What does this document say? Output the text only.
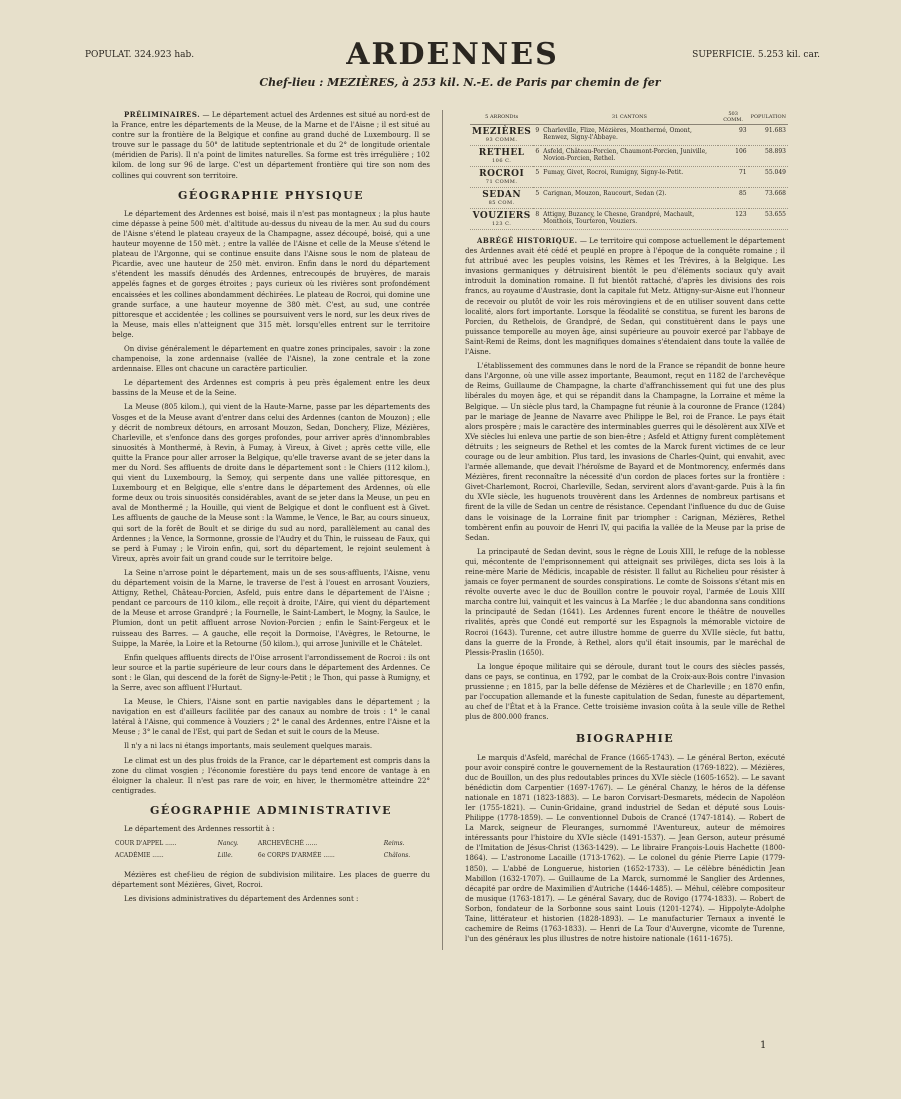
POPULAT. 324.923 hab.	ARDENNES	SUPERFICIE. 5.253 kil. car.
Chef-lieu : MEZIÈRES, à 253 kil. N.-E. de Paris par chemin de fer

PRÉLIMINAIRES. — Le département actuel des Ardennes est situé au nord-est de la France, entre les départements de la Meuse, de la Marne et de l'Aisne ; il est situé au contre sur la frontière de la Belgique et confine au grand duché de Luxembourg. Il se trouve sur le passage du 50° de latitude septentrionale et du 2° de longitude orientale (méridien de Paris). Il n'a point de limites naturelles. Sa forme est très irrégulière ; 102 kilom. de long sur 96 de large. C'est un département frontière qui tire son nom des collines qui couvrent son territoire.

GÉOGRAPHIE PHYSIQUE

Le département des Ardennes est boisé, mais il n'est pas montagneux ; la plus haute cime dépasse à peine 500 mèt. d'altitude au-dessus du niveau de la mer. Au sud du cours de l'Aisne s'étend le plateau crayeux de la Champagne, assez découpé, boisé, qui a une hauteur moyenne de 150 mèt. ; entre la vallée de l'Aisne et celle de la Meuse s'étend le plateau de l'Argonne, qui se continue ensuite dans l'Aisne sous le nom de plateau de Picardie, avec une hauteur de 250 mèt. environ. Enfin dans le nord du département s'étendent les massifs dénudés des Ardennes, entrecoupés de bruyères, de marais appelés fagnes et de gorges étroites ; pays curieux où les rivières sont profondément encaissées et les collines abondamment déchirées. Le plateau de Rocroi, qui domine une grande surface, a une hauteur moyenne de 380 mèt. C'est, au sud, une contrée pittoresque et accidentée ; les collines se poursuivent vers le nord, sur les deux rives de la Meuse, mais elles n'atteignent que 315 mèt. lorsqu'elles entrent sur le territoire belge.

On divise généralement le département en quatre zones principales, savoir : la zone champenoise, la zone ardennaise (vallée de l'Aisne), la zone centrale et la zone ardennaise. Elles ont chacune un caractère particulier.

Le département des Ardennes est compris à peu près également entre les deux bassins de la Meuse et de la Seine.

La Meuse (805 kilom.), qui vient de la Haute-Marne, passe par les départements des Vosges et de la Meuse avant d'entrer dans celui des Ardennes (canton de Mouzon) ; elle y décrit de nombreux détours, en arrosant Mouzon, Sedan, Donchery, Flize, Mézières, Charleville, et s'enfonce dans des gorges profondes, pour arriver après d'innombrables sinuosités à Monthermé, à Revin, à Fumay, à Vireux, à Givet ; après cette ville, elle quitte la France pour aller arroser la Belgique, qu'elle traverse avant de se jeter dans la mer du Nord. Ses affluents de droite dans le département sont : le Chiers (112 kilom.), qui vient du Luxembourg, la Semoy, qui serpente dans une vallée pittoresque, en Luxembourg et en Belgique, elle s'entre dans le département des Ardennes, où elle forme deux ou trois sinuosités considérables, avant de se jeter dans la Meuse, un peu en aval de Monthermé ; la Houille, qui vient de Belgique et dont le confluent est à Givet. Les affluents de gauche de la Meuse sont : la Wamme, le Vence, le Bar, au cours sinueux, qui sort de la forêt de Boult et se dirige du sud au nord, parallèlement au canal des Ardennes ; la Vence, la Sormonne, grossie de l'Audry et du Thin, le ruisseau de Faux, qui se perd à Fumay ; le Viroin enfin, qui, sort du département, le rejoint seulement à Vireux, après avoir fait un grand coude sur le territoire belge.

La Seine n'arrose point le département, mais un de ses sous-affluents, l'Aisne, venu du département voisin de la Marne, le traverse de l'est à l'ouest en arrosant Vouziers, Attigny, Rethel, Château-Porcien, Asfeld, puis entre dans le département de l'Aisne ; pendant ce parcours de 110 kilom., elle reçoit à droite, l'Aire, qui vient du département de la Meuse et arrose Grandpré ; la Fournelle, le Saint-Lambert, le Mogny, la Saulce, le Plumion, dont un petit affluent arrose Novion-Porcien ; enfin le Saint-Fergeux et le ruisseau des Barres. — A gauche, elle reçoit la Dormoise, l'Avègres, le Retourne, le Suippe, la Marée, la Loire et la Retourne (50 kilom.), qui arrose Juniville et le Châtelet.

Enfin quelques affluents directs de l'Oise arrosent l'arrondissement de Rocroi : ils ont leur source et la partie supérieure de leur cours dans le département des Ardennes. Ce sont : le Glan, qui descend de la forêt de Signy-le-Petit ; le Thon, qui passe à Rumigny, et la Serre, avec son affluent l'Hurtaut.

La Meuse, le Chiers, l'Aisne sont en partie navigables dans le département ; la navigation en est d'ailleurs facilitée par des canaux au nombre de trois : 1° le canal latéral à l'Aisne, qui commence à Vouziers ; 2° le canal des Ardennes, entre l'Aisne et la Meuse ; 3° le canal de l'Est, qui part de Sedan et suit le cours de la Meuse.

Il n'y a ni lacs ni étangs importants, mais seulement quelques marais.

Le climat est un des plus froids de la France, car le département est compris dans la zone du climat vosgien ; l'économie forestière du pays tend encore de vantage à en éloigner la chaleur. Il n'est pas rare de voir, en hiver, le thermomètre atteindre 22° centigrades.

GÉOGRAPHIE ADMINISTRATIVE

Le département des Ardennes ressortit à :

COUR D'APPEL ......	Nancy.	ARCHEVÊCHÉ ......	Reims.
ACADÉMIE ......	Lille.	6e CORPS D'ARMÉE ......	Châlons.

Mézières est chef-lieu de région de subdivision militaire. Les places de guerre du département sont Mézières, Givet, Rocroi.

Les divisions administratives du département des Ardennes sont :

5 ARRONDts		31 CANTONS	503 COMM.	POPULATION
MEZIÈRES
93 COMM.	9	Charleville, Flize, Mézières, Monthermé, Omont, Renwez, Signy-l'Abbaye.	93	91.683
RETHEL
106 C.	6	Asfeld, Château-Porcien, Chaumont-Porcien, Juniville, Novion-Porcien, Rethel.	106	58.893
ROCROI
71 COMM.	5	Fumay, Givet, Rocroi, Rumigny, Signy-le-Petit.	71	55.049
SEDAN
85 COM.	5	Carignan, Mouzon, Raucourt, Sedan (2).	85	73.668
VOUZIERS
123 C.	8	Attigny, Buzancy, le Chesne, Grandpré, Machault, Monthois, Tourteron, Vouziers.	123	53.655

ABRÉGÉ HISTORIQUE. — Le territoire qui compose actuellement le département des Ardennes avait été cédé et peuplé en propre à l'époque de la conquête romaine ; il fut attribué avec les peuples voisins, les Rèmes et les Trévires, à la Belgique. Les invasions germaniques y détruisirent bientôt le peu d'éléments sociaux qu'y avait introduit la domination romaine. Il fut bientôt rattaché, d'après les divisions des rois francs, au royaume d'Austrasie, dont la capitale fut Metz. Attigny-sur-Aisne eut l'honneur de recevoir ou plutôt de voir les rois mérovingiens et de en utiliser souvent dans cette localité, alors fort importante. Lorsque la féodalité se constitua, se furent les barons de Porcien, du Rethelois, de Grandpré, de Sedan, qui constituèrent dans le pays une puissance temporelle au moyen âge, ainsi supérieure au pouvoir exercé par l'abbaye de Saint-Remi de Reims, dont les magnifiques domaines s'étendaient dans toute la vallée de l'Aisne.

L'établissement des communes dans le nord de la France se répandit de bonne heure dans l'Argonne, où une ville assez importante, Beaumont, reçut en 1182 de l'archevêque de Reims, Guillaume de Champagne, la charte d'affranchissement qui fut une des plus libérales du moyen âge, et qui se répandit dans la Champagne, la Lorraine et même la Belgique. — Un siècle plus tard, la Champagne fut réunie à la couronne de France (1284) par le mariage de Jeanne de Navarre avec Philippe le Bel, roi de France. Le pays était alors prospère ; mais le caractère des interminables guerres qui le désolèrent aux XIVe et XVe siècles lui enleva une partie de son bien-être ; Asfeld et Attigny furent complètement détruits ; les seigneurs de Rethel et les comtes de la Marck furent victimes de ce leur courage ou de leur ambition. Plus tard, les invasions de Charles-Quint, qui envahit, avec l'armée allemande, que devait l'héroïsme de Bayard et de Montmorency, enfermés dans Mézières, firent reconnaître la nécessité d'un cordon de places fortes sur la frontière : Givet-Charlemont, Rocroi, Charleville, Sedan, servirent alors d'avant-garde. Puis à la fin du XVIe siècle, les huguenots trouvèrent dans les Ardennes de nombreux partisans et firent de la ville de Sedan un centre de résistance. Cependant l'influence du duc de Guise dans le voisinage de la Lorraine finit par triompher : Carignan, Mézières, Rethel tombèrent enfin au pouvoir de Henri IV, qui pacifia la vallée de la Meuse par la prise de Sedan.

La principauté de Sedan devint, sous le règne de Louis XIII, le refuge de la noblesse qui, mécontente de l'emprisonnement qui atteignait ses privilèges, dicta ses lois à la reine-mère Marie de Médicis, incapable de résister. Il fallut au Richelieu pour résister à jamais ce foyer permanent de sourdes conspirations. Le comte de Soissons s'étant mis en révolte ouverte avec le duc de Bouillon contre le pouvoir royal, l'armée de Louis XIII marcha contre lui, vainquit et les vaincus à La Marfée ; le duc abandonna sans conditions la principauté de Sedan (1641). Les Ardennes furent encore le théâtre de nouvelles rivalités, après que Condé eut remporté sur les Espagnols la mémorable victoire de Rocroi (1643). Turenne, cet autre illustre homme de guerre du XVIIe siècle, fut battu, dans la guerre de la Fronde, à Rethel, alors qu'il était insoumis, par le maréchal de Plessis-Praslin (1650).

La longue époque militaire qui se déroule, durant tout le cours des siècles passés, dans ce pays, se continua, en 1792, par le combat de la Croix-aux-Bois contre l'invasion prussienne ; en 1815, par la belle défense de Mézières et de Charleville ; en 1870 enfin, par l'occupation allemande et la funeste capitulation de Sedan, funeste au département, au chef de l'État et à la France. Cette troisième invasion coûta à la seule ville de Rethel plus de 800.000 francs.

BIOGRAPHIE

Le marquis d'Asfeld, maréchal de France (1665-1743). — Le général Berton, exécuté pour avoir conspiré contre le gouvernement de la Restauration (1769-1822). — Mézières, duc de Bouillon, un des plus redoutables princes du XVIe siècle (1605-1652). — Le savant bénédictin dom Carpentier (1697-1767). — Le général Chanzy, le héros de la défense nationale en 1871 (1823-1883). — Le baron Corvisart-Desmarets, médecin de Napoléon Ier (1755-1821). — Cunin-Gridaine, grand industriel de Sedan et député sous Louis-Philippe (1778-1859). — Le conventionnel Dubois de Crancé (1747-1814). — Robert de La Marck, seigneur de Fleuranges, surnommé l'Aventureux, auteur de mémoires intéressants pour l'histoire du XVIe siècle (1491-1537). — Jean Gerson, auteur présumé de l'Imitation de Jésus-Christ (1363-1429). — Le libraire François-Louis Hachette (1800-1864). — L'astronome Lacaille (1713-1762). — Le colonel du génie Pierre Lapie (1779-1850). — L'abbé de Longuerue, historien (1652-1733). — Le célèbre bénédictin Jean Mabillon (1632-1707). — Guillaume de La Marck, surnommé le Sanglier des Ardennes, décapité par ordre de Maximilien d'Autriche (1446-1485). — Méhul, célèbre compositeur de musique (1763-1817). — Le général Savary, duc de Rovigo (1774-1833). — Robert de Sorbon, fondateur de la Sorbonne sous saint Louis (1201-1274). — Hippolyte-Adolphe Taine, littérateur et historien (1828-1893). — Le manufacturier Ternaux a inventé le cachemire de Reims (1763-1833). — Henri de La Tour d'Auvergne, vicomte de Turenne, l'un des généraux les plus illustres de notre histoire nationale (1611-1675).

1
